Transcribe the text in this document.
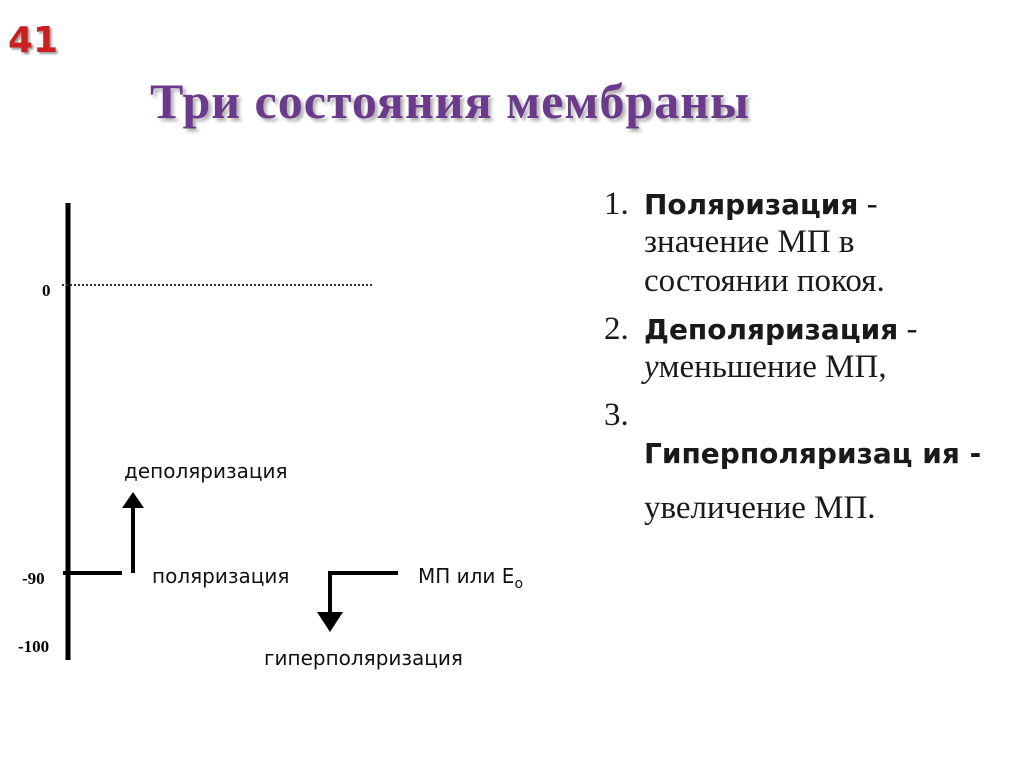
41
Три состояния мембраны
0
-90
-100
деполяризация
поляризация
гиперполяризация
МП или $Е_о$
1. Поляризация - значение МП в состоянии покоя.
2. Деполяризация - уменьшение МП,
3.
Гиперполяризац ия -
увеличение МП.
